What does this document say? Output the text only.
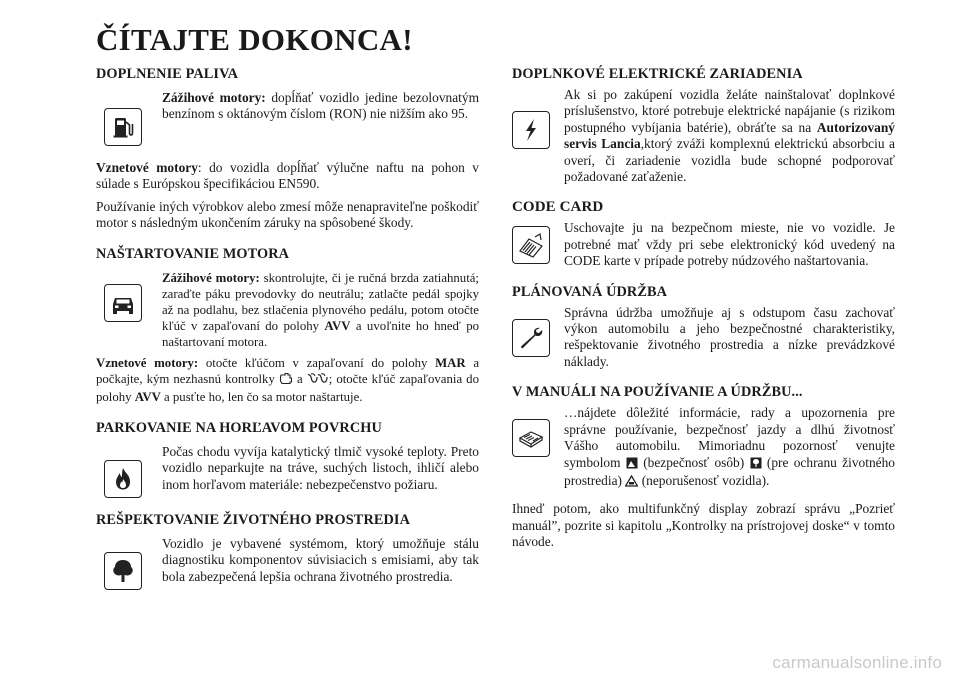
ČÍTAJTE DOKONCA!
DOPLNENIE PALIVA

Zážihové motory: dopĺňať vozidlo jedine bezolovnatým benzínom s oktánovým číslom (RON) nie nižším ako 95.

Vznetové motory: do vozidla dopĺňať výlučne naftu na pohon v súlade s Európskou špecifikáciou EN590.

Používanie iných výrobkov alebo zmesí môže nenapraviteľne poškodiť motor s následným ukončením záruky na spôsobené škody.

NAŠTARTOVANIE MOTORA

Zážihové motory: skontrolujte, či je ručná brzda zatiahnutá; zaraďte páku prevodovky do neutrálu; zatlačte pedál spojky až na podlahu, bez stlačenia plynového pedálu, potom otočte kľúč v zapaľovaní do polohy AVV a uvoľnite ho hneď po naštartovaní motora.

Vznetové motory: otočte kľúčom v zapaľovaní do polohy MAR a počkajte, kým nezhasnú kontrolky  a ; otočte kľúč zapaľovania do polohy AVV a pusťte ho, len čo sa motor naštartuje.

PARKOVANIE NA HORĽAVOM POVRCHU

Počas chodu vyvíja katalytický tlmič vysoké teploty. Preto vozidlo neparkujte na tráve, suchých listoch, ihličí alebo inom horľavom materiále: nebezpečenstvo požiaru.

REŠPEKTOVANIE ŽIVOTNÉHO PROSTREDIA

Vozidlo je vybavené systémom, ktorý umožňuje stálu diagnostiku komponentov súvisiacich s emisiami, aby tak bola zabezpečená lepšia ochrana životného prostredia.

DOPLNKOVÉ ELEKTRICKÉ ZARIADENIA

Ak si po zakúpení vozidla želáte nainštalovať doplnkové príslušenstvo, ktoré potrebuje elektrické napájanie (s rizikom postupného vybíjania batérie), obráťte sa na Autorizovaný servis Lancia,ktorý zváži komplexnú elektrickú absorbciu a overí, či zariadenie vozidla bude schopné podporovať požadované zaťaženie.

CODE CARD

Uschovajte ju na bezpečnom mieste, nie vo vozidle. Je potrebné mať vždy pri sebe elektronický kód uvedený na CODE karte v prípade potreby núdzového naštartovania.

PLÁNOVANÁ ÚDRŽBA

Správna údržba umožňuje aj s odstupom času zachovať výkon automobilu a jeho bezpečnostné charakteristiky, rešpektovanie životného prostredia a nízke prevádzkové náklady.

V MANUÁLI NA POUŽÍVANIE A ÚDRŽBU...

…nájdete dôležité informácie, rady a upozornenia pre správne používanie, bezpečnosť jazdy a dlhú životnosť Vášho automobilu. Mimoriadnu pozornosť venujte symbolom  (bezpečnosť osôb)  (pre ochranu životného prostredia)  (neporušenosť vozidla).

Ihneď potom, ako multifunkčný display zobrazí správu „Pozrieť manuál”, pozrite si kapitolu „Kontrolky na prístrojovej doske“ v tomto návode.

carmanualsonline.info
